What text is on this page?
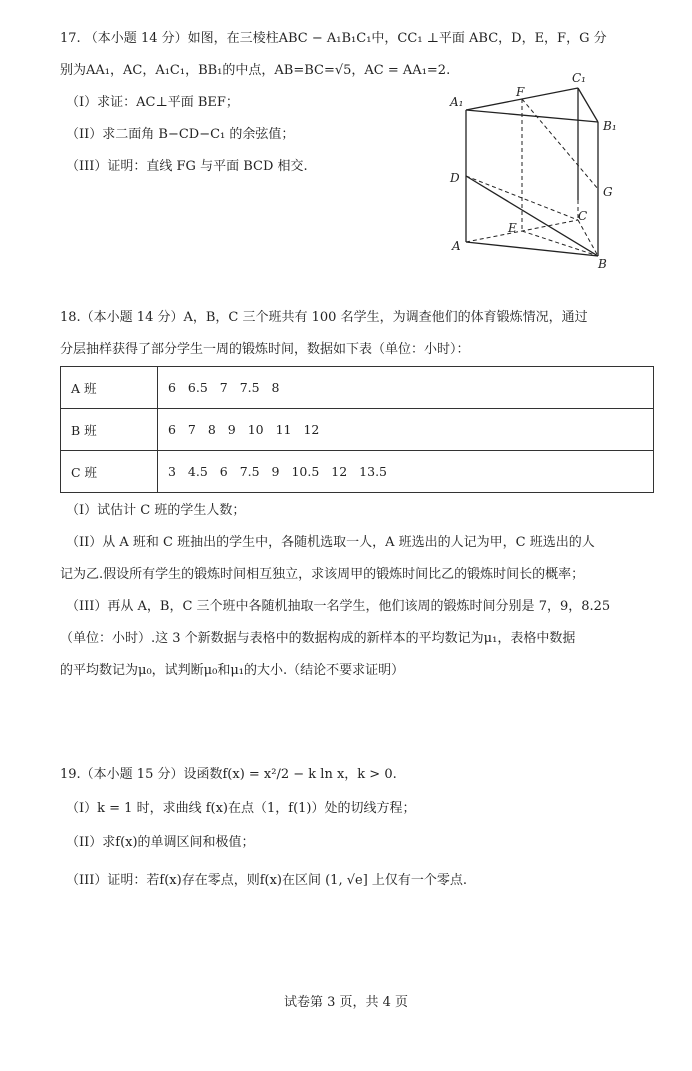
17. （本小题 14 分）如图，在三棱柱ABC − A₁B₁C₁中，CC₁ ⊥平面 ABC，D，E，F，G 分
别为AA₁，AC，A₁C₁，BB₁的中点，AB=BC=√5，AC = AA₁=2.
（I）求证：AC⊥平面 BEF；
（II）求二面角 B−CD−C₁ 的余弦值；
（III）证明：直线 FG 与平面 BCD 相交.
C₁
A₁
F
B₁
G
D
C
E
A
B
18.（本小题 14 分）A，B，C 三个班共有 100 名学生，为调查他们的体育锻炼情况，通过
分层抽样获得了部分学生一周的锻炼时间，数据如下表（单位：小时）：
A 班	6 6.5 7 7.5 8
B 班	6 7 8 9 10 11 12
C 班	3 4.5 6 7.5 9 10.5 12 13.5
（I）试估计 C 班的学生人数；
（II）从 A 班和 C 班抽出的学生中，各随机选取一人，A 班选出的人记为甲，C 班选出的人
记为乙.假设所有学生的锻炼时间相互独立，求该周甲的锻炼时间比乙的锻炼时间长的概率；
（III）再从 A，B，C 三个班中各随机抽取一名学生，他们该周的锻炼时间分别是 7，9，8.25
（单位：小时）.这 3 个新数据与表格中的数据构成的新样本的平均数记为μ₁，表格中数据
的平均数记为μ₀，试判断μ₀和μ₁的大小.（结论不要求证明）
19.（本小题 15 分）设函数f(x) = x²/2 − k ln x，k > 0.
（I）k = 1 时，求曲线 f(x)在点（1，f(1)）处的切线方程；
（II）求f(x)的单调区间和极值；
（III）证明：若f(x)存在零点，则f(x)在区间 (1, √e] 上仅有一个零点.
试卷第 3 页，共 4 页
